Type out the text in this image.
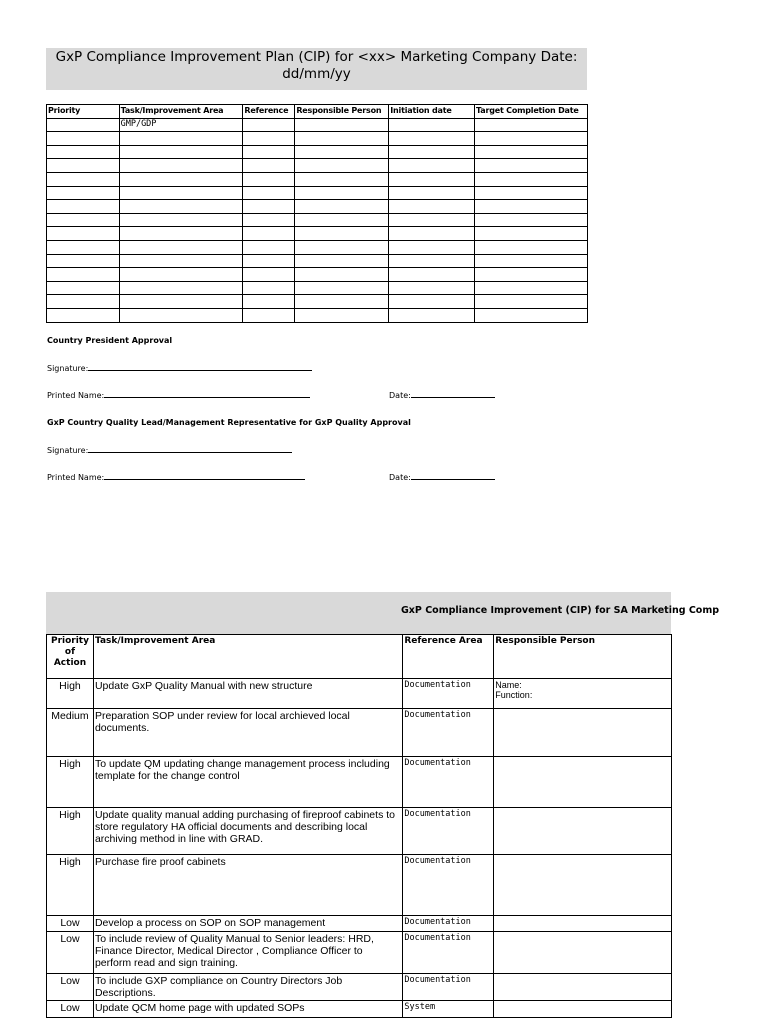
GxP Compliance Improvement Plan (CIP) for <xx> Marketing Company Date:
dd/mm/yy
Priority	Task/Improvement Area	Reference	Responsible Person	Initiation date	Target Completion Date
	GMP/GDP				

Country President Approval
Signature:
Printed Name:	Date:
GxP Country Quality Lead/Management Representative for GxP Quality Approval
Signature:
Printed Name:	Date:
GxP Compliance Improvement (CIP) for SA Marketing Comp
Priority of Action	Task/Improvement Area	Reference Area	Responsible Person
High	Update GxP Quality Manual with new structure	Documentation	Name:
Function:
Medium	Preparation SOP under review for local archieved local documents.	Documentation	
High	To update QM updating change management process including template for the change control	Documentation	
High	Update quality manual adding purchasing of fireproof cabinets to store regulatory HA official documents and describing local archiving method in line with GRAD.	Documentation	
High	Purchase fire proof cabinets	Documentation	
Low	Develop a process on SOP on SOP management	Documentation	
Low	To include review of Quality Manual to Senior leaders: HRD, Finance Director, Medical Director , Compliance Officer to perform read and sign training.	Documentation	
Low	To include GXP compliance on Country Directors Job Descriptions.	Documentation	
Low	Update QCM home page with updated SOPs	System	
